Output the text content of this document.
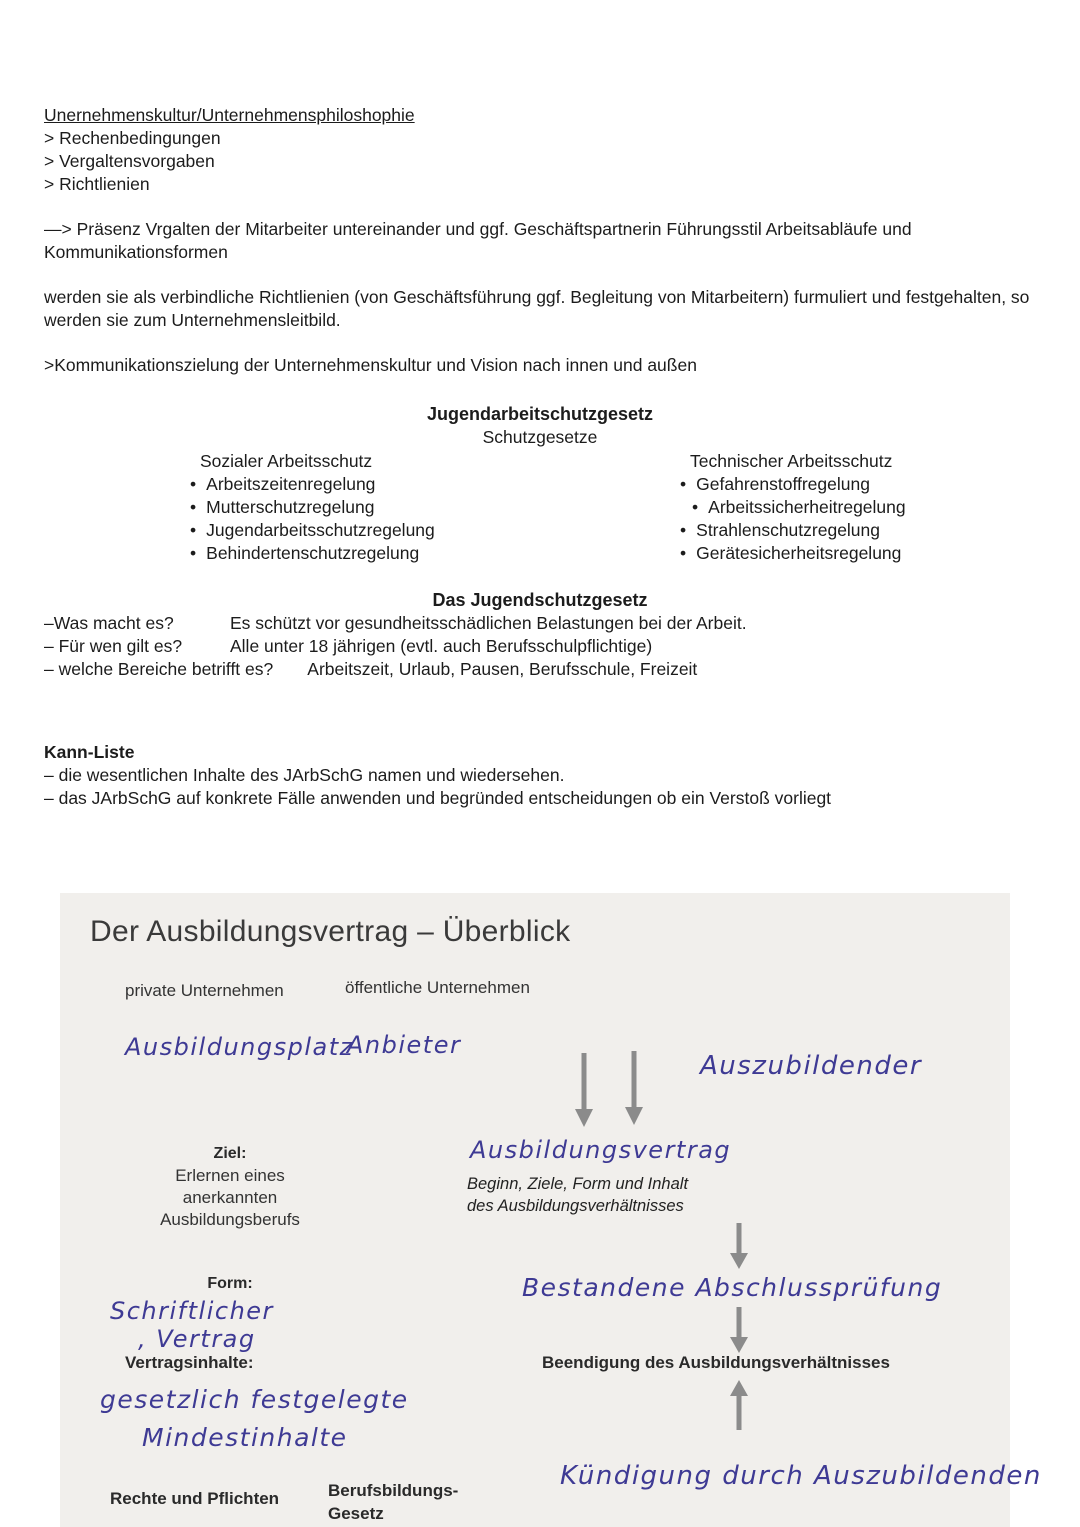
Unernehmenskultur/Unternehmensphiloshophie
> Rechenbedingungen
> Vergaltensvorgaben
> Richtlienien
—> Präsenz Vrgalten der Mitarbeiter untereinander und ggf. Geschäftspartnerin Führungsstil Arbeitsabläufe und Kommunikationsformen
werden sie als verbindliche Richtlienien (von Geschäftsführung ggf. Begleitung von Mitarbeitern) furmuliert und festgehalten, so werden sie zum Unternehmensleitbild.
>Kommunikationszielung der Unternehmenskultur und Vision nach innen und außen
Jugendarbeitschutzgesetz
Schutzgesetze
Sozialer Arbeitsschutz
• Arbeitszeitenregelung
• Mutterschutzregelung
• Jugendarbeitsschutzregelung
• Behindertenschutzregelung
Technischer Arbeitsschutz
• Gefahrenstoffregelung
• Arbeitssicherheitregelung
• Strahlenschutzregelung
• Gerätesicherheitsregelung
Das Jugendschutzgesetz
–Was macht es?	Es schützt vor gesundheitsschädlichen Belastungen bei der Arbeit.
– Für wen gilt es?	Alle unter 18 jährigen (evtl. auch Berufsschulpflichtige)
– welche Bereiche betrifft es? Arbeitszeit, Urlaub, Pausen, Berufsschule, Freizeit
Kann-Liste
– die wesentlichen Inhalte des JArbSchG namen und wiedersehen.
– das JArbSchG auf konkrete Fälle anwenden und begründed entscheidungen ob ein Verstoß vorliegt
Der Ausbildungsvertrag – Überblick
private Unternehmen	öffentliche Unternehmen
Ausbildungsplatz
Anbieter
Auszubildender
Ziel:
Erlernen eines
anerkannten
Ausbildungsberufs
Ausbildungsvertrag
Beginn, Ziele, Form und Inhalt
des Ausbildungsverhältnisses
Bestandene Abschlussprüfung
Form:
Schriftlicher
, Vertrag
Beendigung des Ausbildungsverhältnisses
Vertragsinhalte:
gesetzlich festgelegte
Mindestinhalte
Kündigung durch Auszubildenden
Rechte und Pflichten	Berufsbildungs-
Gesetz
